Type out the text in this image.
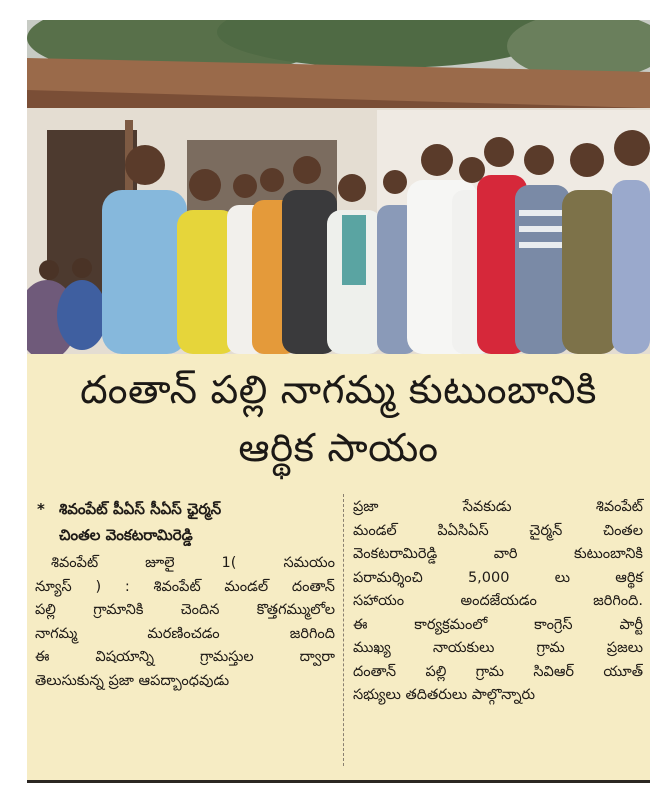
దంతాన్ పల్లి నాగమ్మ కుటుంబానికి
ఆర్థిక సాయం
* శివంపేట్ పీఏస్ సీఏస్ ఛైర్మన్
చింతల వెంకటరామిరెడ్డి
శివంపేట్ జూలై 1( సమయం
న్యూస్ ) : శివంపేట్ మండల్ దంతాన్
పల్లి గ్రామానికి చెందిన కొత్తగమ్ములోల
నాగమ్మ మరణించడం జరిగింది
ఈ విషయాన్ని గ్రామస్తుల ద్వారా
తెలుసుకున్న ప్రజా ఆపద్బాంధవుడు
ప్రజా సేవకుడు శివంపేట్
మండల్ పిఏసిఏస్ చైర్మన్ చింతల
వెంకటరామిరెడ్డి వారి కుటుంబానికి
పరామర్శించి 5,000 లు ఆర్థిక
సహాయం అందజేయడం జరిగింది.
ఈ కార్యక్రమంలో కాంగ్రెస్ పార్టీ
ముఖ్య నాయకులు గ్రామ ప్రజలు
దంతాన్ పల్లి గ్రామ సివిఆర్ యూత్
సభ్యులు తదితరులు పాల్గొన్నారు
